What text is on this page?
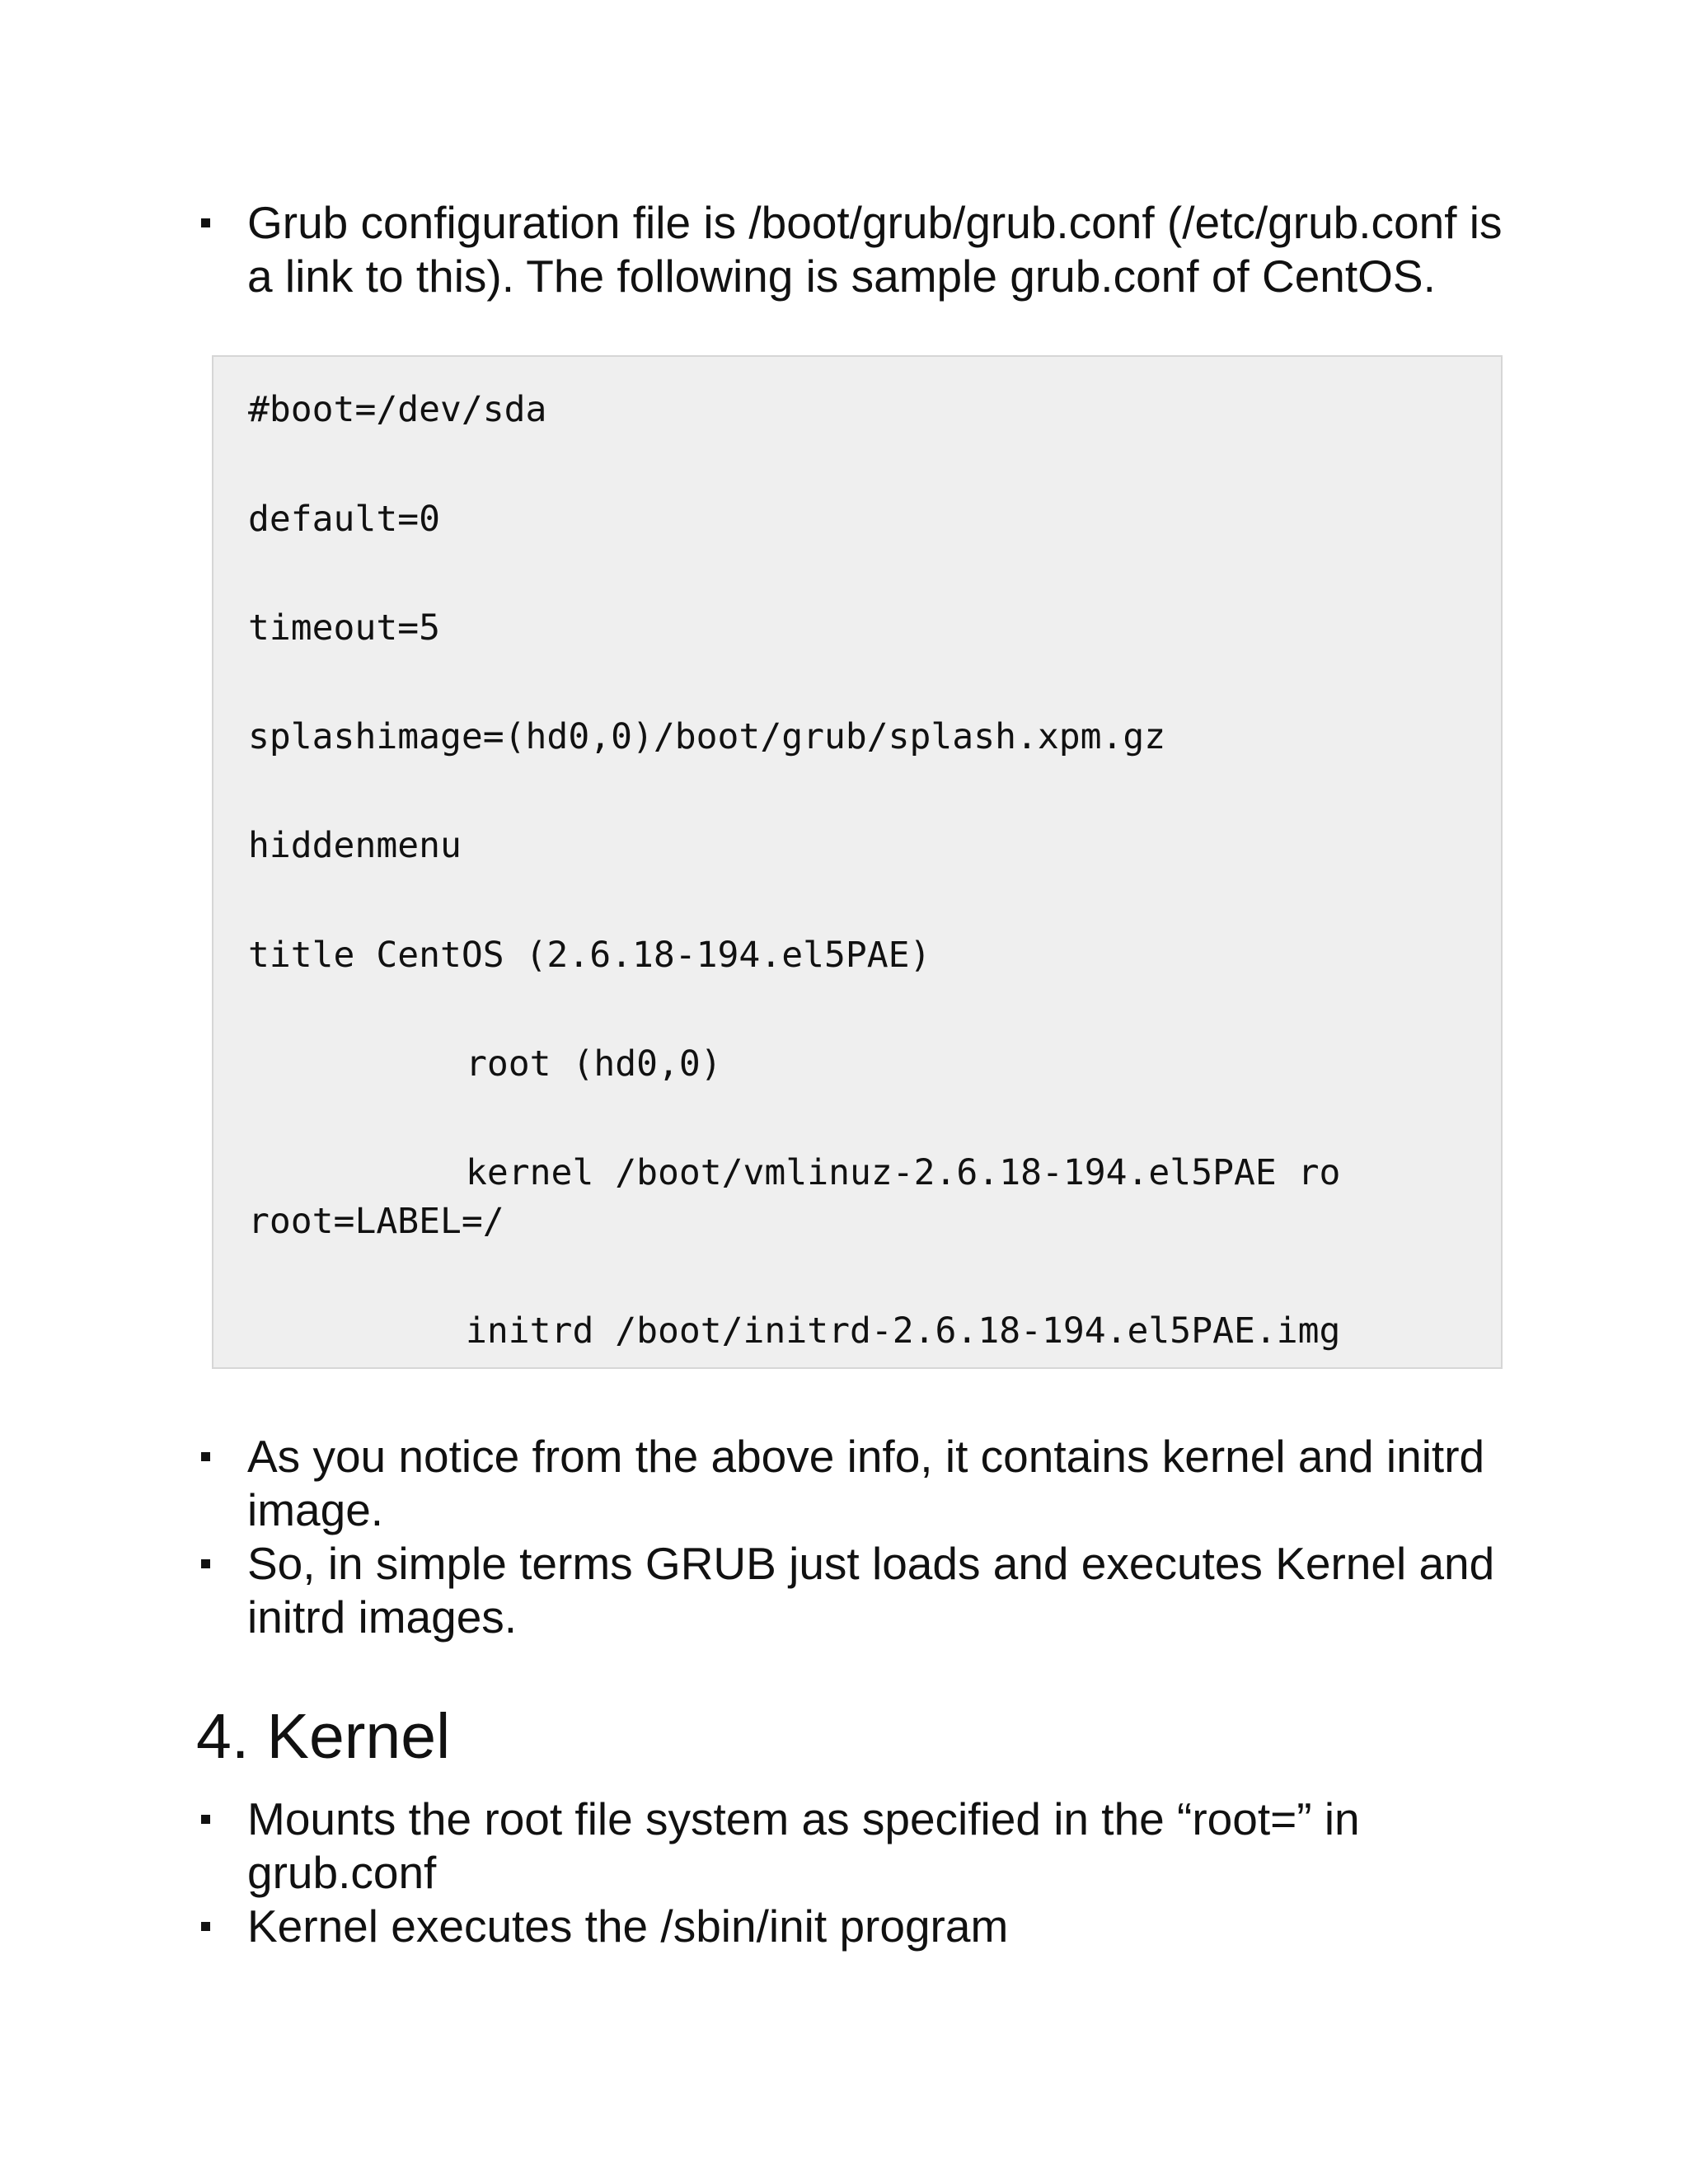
Grub configuration file is /boot/grub/grub.conf (/etc/grub.conf is a link to this). The following is sample grub.conf of CentOS.
#boot=/dev/sda
default=0
timeout=5
splashimage=(hd0,0)/boot/grub/splash.xpm.gz
hiddenmenu
title CentOS (2.6.18-194.el5PAE)
root (hd0,0)
kernel /boot/vmlinuz-2.6.18-194.el5PAE ro
root=LABEL=/
initrd /boot/initrd-2.6.18-194.el5PAE.img
As you notice from the above info, it contains kernel and initrd image.
So, in simple terms GRUB just loads and executes Kernel and initrd images.
4. Kernel
Mounts the root file system as specified in the “root=” in grub.conf
Kernel executes the /sbin/init program
